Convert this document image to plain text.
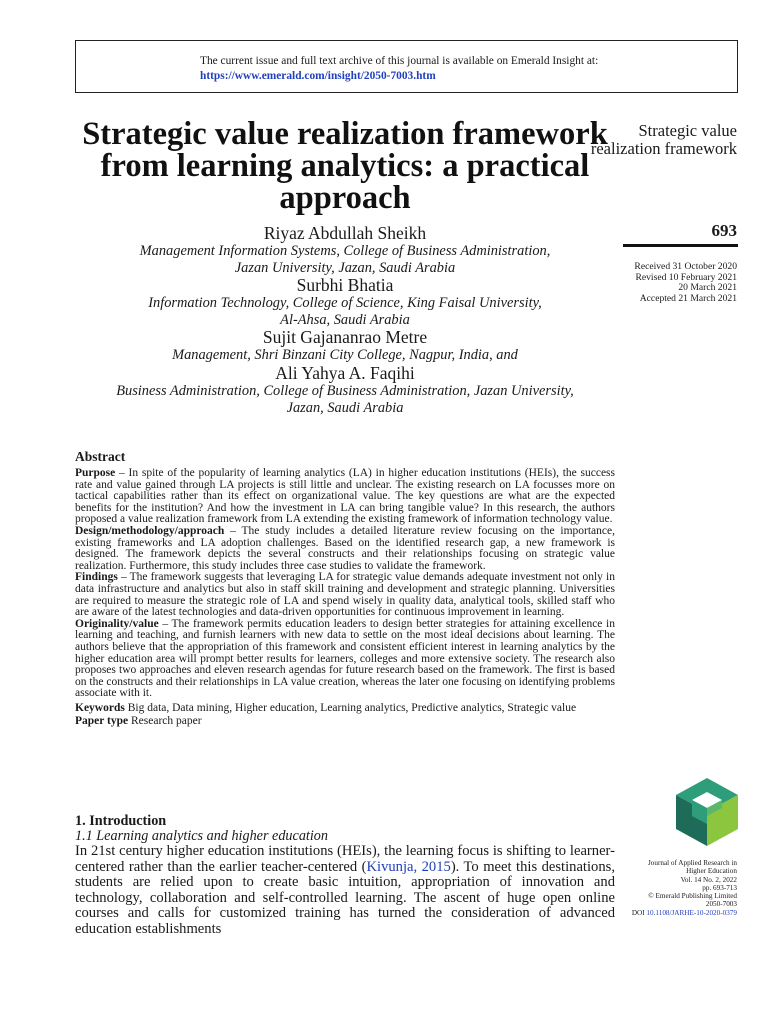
The current issue and full text archive of this journal is available on Emerald Insight at:
https://www.emerald.com/insight/2050-7003.htm
Strategic value realization framework from learning analytics: a practical approach
Strategic value realization framework
693
Received 31 October 2020
Revised 10 February 2021
20 March 2021
Accepted 21 March 2021
Riyaz Abdullah Sheikh
Management Information Systems, College of Business Administration,
Jazan University, Jazan, Saudi Arabia
Surbhi Bhatia
Information Technology, College of Science, King Faisal University,
Al-Ahsa, Saudi Arabia
Sujit Gajananrao Metre
Management, Shri Binzani City College, Nagpur, India, and
Ali Yahya A. Faqihi
Business Administration, College of Business Administration, Jazan University,
Jazan, Saudi Arabia
Abstract

Purpose – In spite of the popularity of learning analytics (LA) in higher education institutions (HEIs), the success rate and value gained through LA projects is still little and unclear. The existing research on LA focusses more on tactical capabilities rather than its effect on organizational value. The key questions are what are the expected benefits for the institution? And how the investment in LA can bring tangible value? In this research, the authors proposed a value realization framework from LA extending the existing framework of information technology value.

Design/methodology/approach – The study includes a detailed literature review focusing on the importance, existing frameworks and LA adoption challenges. Based on the identified research gap, a new framework is designed. The framework depicts the several constructs and their relationships focusing on strategic value realization. Furthermore, this study includes three case studies to validate the framework.

Findings – The framework suggests that leveraging LA for strategic value demands adequate investment not only in data infrastructure and analytics but also in staff skill training and development and strategic planning. Universities are required to measure the strategic role of LA and spend wisely in quality data, analytical tools, skilled staff who are aware of the latest technologies and data-driven opportunities for continuous improvement in learning.

Originality/value – The framework permits education leaders to design better strategies for attaining excellence in learning and teaching, and furnish learners with new data to settle on the most ideal decisions about learning. The authors believe that the appropriation of this framework and consistent efficient interest in learning analytics by the higher education area will prompt better results for learners, colleges and more extensive society. The research also proposes two approaches and eleven research agendas for future research based on the framework. The first is based on the constructs and their relationships in LA value creation, whereas the later one focusing on identifying problems associate with it.

Keywords Big data, Data mining, Higher education, Learning analytics, Predictive analytics, Strategic value

Paper type Research paper

1. Introduction
1.1 Learning analytics and higher education

In 21st century higher education institutions (HEIs), the learning focus is shifting to learner-centered rather than the earlier teacher-centered (Kivunja, 2015). To meet this destinations, students are relied upon to create basic intuition, appropriation of innovation and technology, collaboration and self-controlled learning. The ascent of huge open online courses and calls for customized training has turned the consideration of advanced education establishments

Journal of Applied Research in
Higher Education
Vol. 14 No. 2, 2022
pp. 693-713
© Emerald Publishing Limited
2050-7003
DOI 10.1108/JARHE-10-2020-0379
